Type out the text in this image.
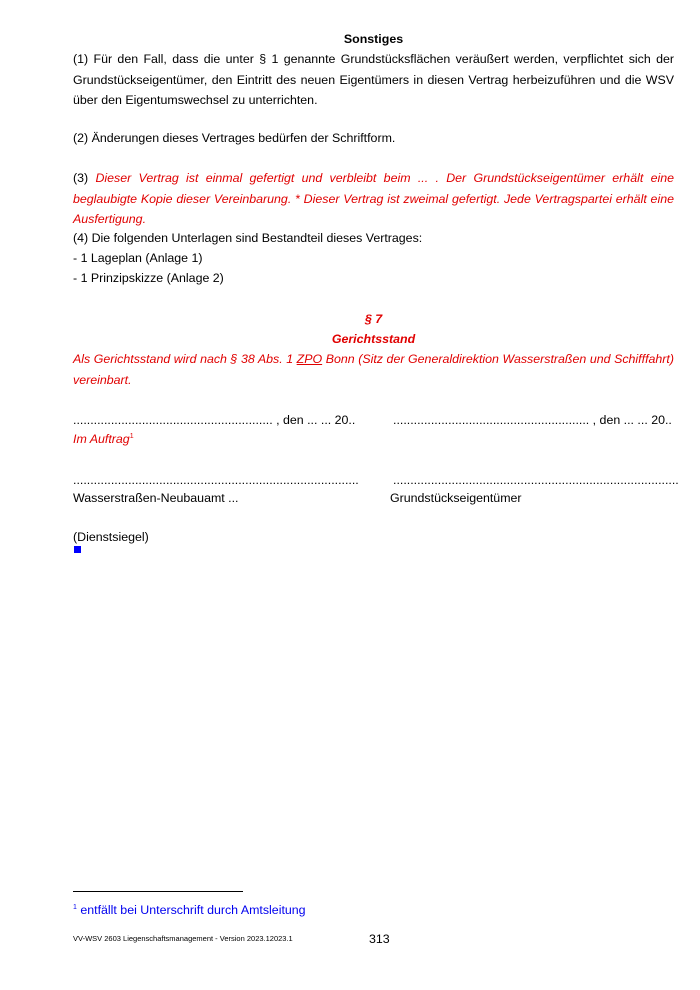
Sonstiges
(1) Für den Fall, dass die unter § 1 genannte Grundstücksflächen veräußert werden, verpflichtet sich der Grundstückseigentümer, den Eintritt des neuen Eigentümers in diesen Vertrag herbeizuführen und die WSV über den Eigentumswechsel zu unterrichten.
(2) Änderungen dieses Vertrages bedürfen der Schriftform.
(3) Dieser Vertrag ist einmal gefertigt und verbleibt beim ... . Der Grundstückseigentümer erhält eine beglaubigte Kopie dieser Vereinbarung. * Dieser Vertrag ist zweimal gefertigt. Jede Vertragspartei erhält eine Ausfertigung.
(4) Die folgenden Unterlagen sind Bestandteil dieses Vertrages:
- 1 Lageplan (Anlage 1)
- 1 Prinzipskizze (Anlage 2)
§ 7
Gerichtsstand
Als Gerichtsstand wird nach § 38 Abs. 1 ZPO Bonn (Sitz der Generaldirektion Wasserstraßen und Schifffahrt) vereinbart.
.......................................................... , den ... ... 20..	......................................................... , den ... ... 20..
Im Auftrag$^1$
...................................................................................	...................................................................................
Wasserstraßen-Neubauamt ...	Grundstückseigentümer
(Dienstsiegel)
$^1$ entfällt bei Unterschrift durch Amtsleitung
VV-WSV 2603 Liegenschaftsmanagement - Version 2023.12023.1	313
